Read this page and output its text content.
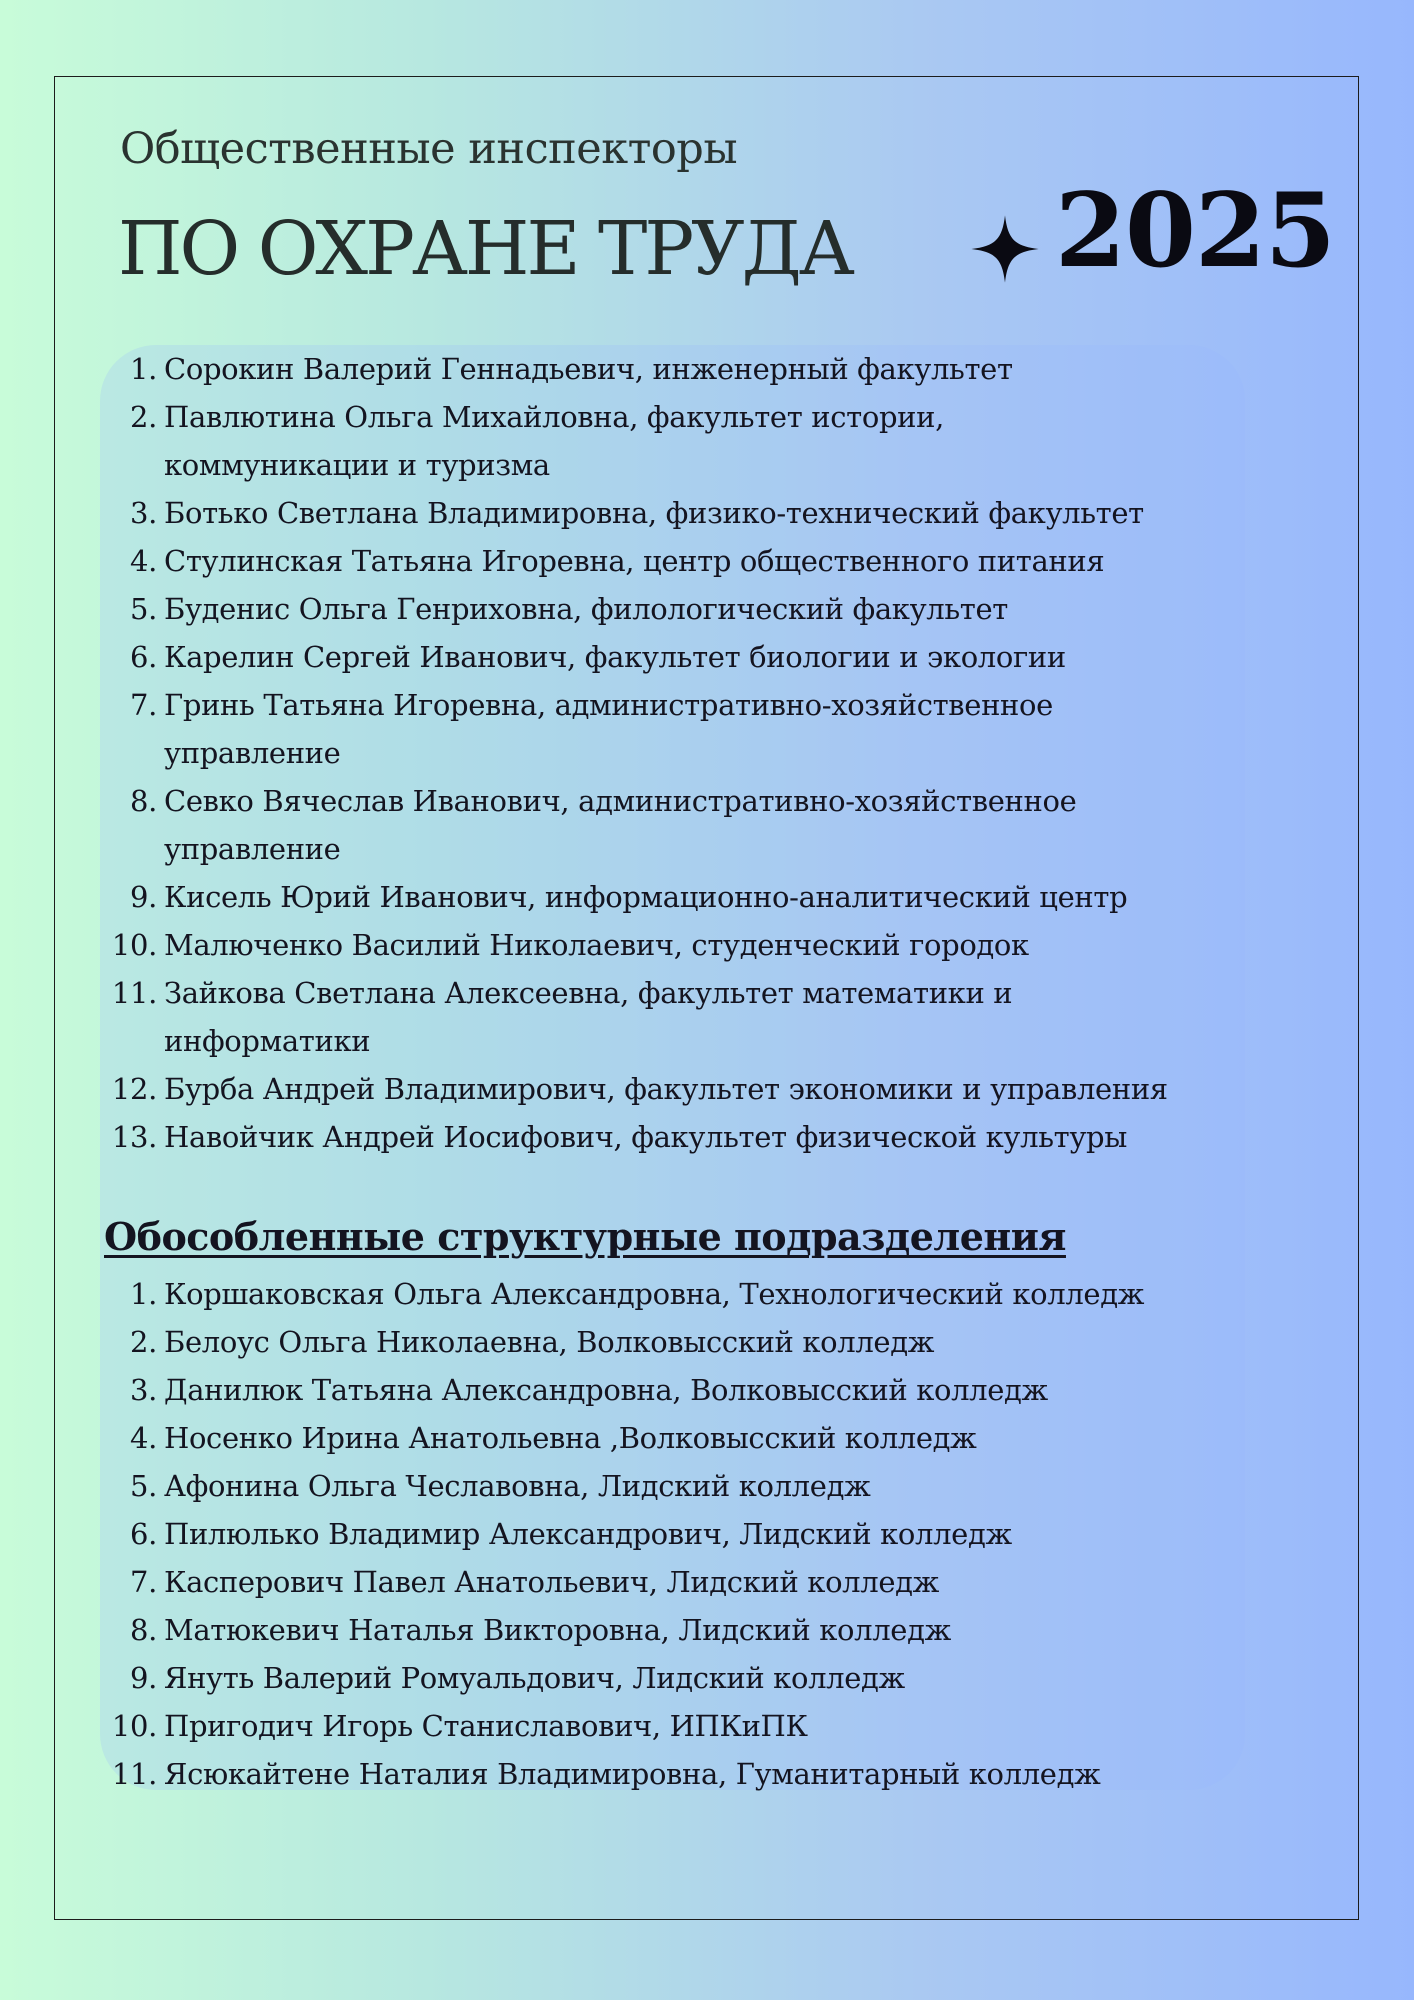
Общественные инспекторы
ПО ОХРАНЕ ТРУДА 2025
1. Сорокин Валерий Геннадьевич, инженерный факультет
2. Павлютина Ольга Михайловна, факультет истории,
коммуникации и туризма
3. Ботько Светлана Владимировна, физико-технический факультет
4. Стулинская Татьяна Игоревна, центр общественного питания
5. Буденис Ольга Генриховна, филологический факультет
6. Карелин Сергей Иванович, факультет биологии и экологии
7. Гринь Татьяна Игоревна, административно-хозяйственное
управление
8. Севко Вячеслав Иванович, административно-хозяйственное
управление
9. Кисель Юрий Иванович, информационно-аналитический центр
10. Малюченко Василий Николаевич, студенческий городок
11. Зайкова Светлана Алексеевна, факультет математики и
информатики
12. Бурба Андрей Владимирович, факультет экономики и управления
13. Навойчик Андрей Иосифович, факультет физической культуры
Обособленные структурные подразделения
1. Коршаковская Ольга Александровна, Технологический колледж
2. Белоус Ольга Николаевна, Волковысский колледж
3. Данилюк Татьяна Александровна, Волковысский колледж
4. Носенко Ирина Анатольевна ,Волковысский колледж
5. Афонина Ольга Чеславовна, Лидский колледж
6. Пилюлько Владимир Александрович, Лидский колледж
7. Касперович Павел Анатольевич, Лидский колледж
8. Матюкевич Наталья Викторовна, Лидский колледж
9. Януть Валерий Ромуальдович, Лидский колледж
10. Пригодич Игорь Станиславович, ИПКиПК
11. Ясюкайтене Наталия Владимировна, Гуманитарный колледж
